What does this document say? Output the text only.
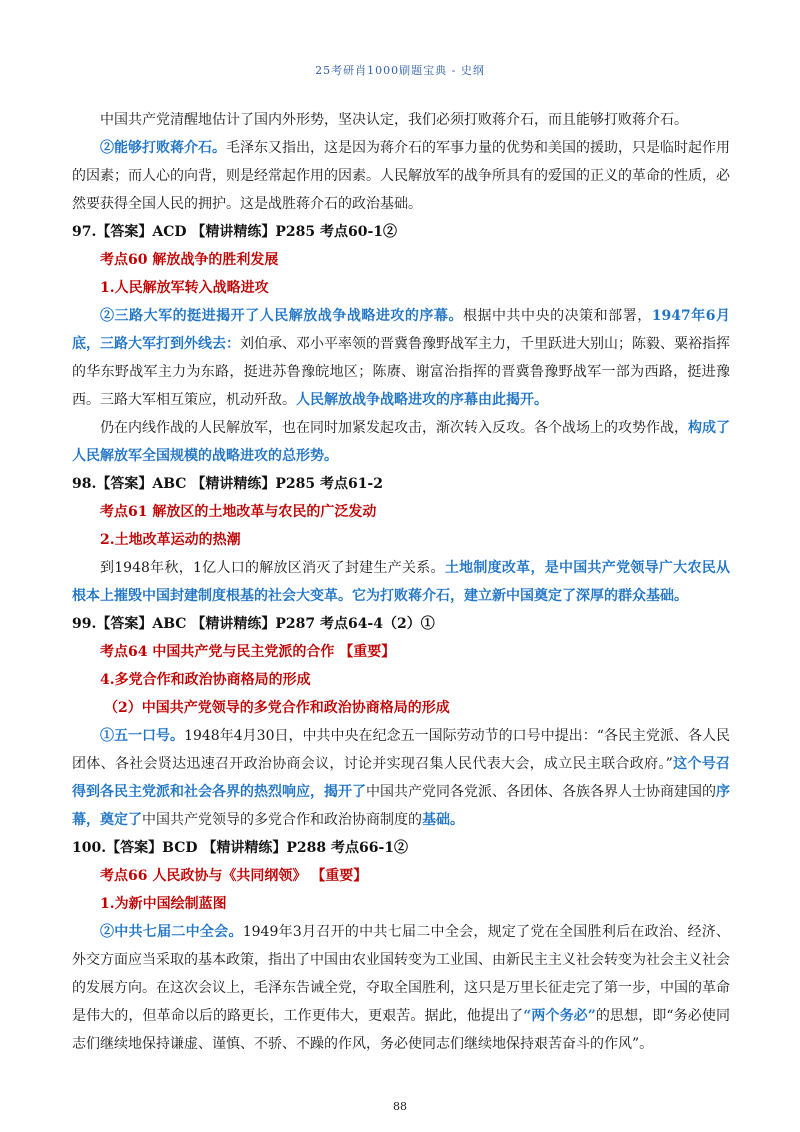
25考研肖1000刷题宝典 - 史纲

中国共产党清醒地估计了国内外形势，坚决认定，我们必须打败蒋介石，而且能够打败蒋介石。

②能够打败蒋介石。毛泽东又指出，这是因为蒋介石的军事力量的优势和美国的援助，只是临时起作用的因素；而人心的向背，则是经常起作用的因素。人民解放军的战争所具有的爱国的正义的革命的性质，必然要获得全国人民的拥护。这是战胜蒋介石的政治基础。

97.【答案】ACD 【精讲精练】P285 考点60-1②

考点60 解放战争的胜利发展

1.人民解放军转入战略进攻

②三路大军的挺进揭开了人民解放战争战略进攻的序幕。根据中共中央的决策和部署，1947年6月底，三路大军打到外线去：刘伯承、邓小平率领的晋冀鲁豫野战军主力，千里跃进大别山；陈毅、粟裕指挥的华东野战军主力为东路，挺进苏鲁豫皖地区；陈赓、谢富治指挥的晋冀鲁豫野战军一部为西路，挺进豫西。三路大军相互策应，机动歼敌。人民解放战争战略进攻的序幕由此揭开。

仍在内线作战的人民解放军，也在同时加紧发起攻击，渐次转入反攻。各个战场上的攻势作战，构成了人民解放军全国规模的战略进攻的总形势。

98.【答案】ABC 【精讲精练】P285 考点61-2

考点61 解放区的土地改革与农民的广泛发动

2.土地改革运动的热潮

到1948年秋，1亿人口的解放区消灭了封建生产关系。土地制度改革，是中国共产党领导广大农民从根本上摧毁中国封建制度根基的社会大变革。它为打败蒋介石，建立新中国奠定了深厚的群众基础。

99.【答案】ABC 【精讲精练】P287 考点64-4（2）①

考点64 中国共产党与民主党派的合作 【重要】

4.多党合作和政治协商格局的形成

（2）中国共产党领导的多党合作和政治协商格局的形成

①五一口号。1948年4月30日，中共中央在纪念五一国际劳动节的口号中提出：“各民主党派、各人民团体、各社会贤达迅速召开政治协商会议，讨论并实现召集人民代表大会，成立民主联合政府。”这个号召得到各民主党派和社会各界的热烈响应，揭开了中国共产党同各党派、各团体、各族各界人士协商建国的序幕，奠定了中国共产党领导的多党合作和政治协商制度的基础。

100.【答案】BCD 【精讲精练】P288 考点66-1②

考点66 人民政协与《共同纲领》 【重要】

1.为新中国绘制蓝图

②中共七届二中全会。1949年3月召开的中共七届二中全会，规定了党在全国胜利后在政治、经济、外交方面应当采取的基本政策，指出了中国由农业国转变为工业国、由新民主主义社会转变为社会主义社会的发展方向。在这次会议上，毛泽东告诫全党，夺取全国胜利，这只是万里长征走完了第一步，中国的革命是伟大的，但革命以后的路更长，工作更伟大，更艰苦。据此，他提出了“两个务必”的思想，即“务必使同志们继续地保持谦虚、谨慎、不骄、不躁的作风，务必使同志们继续地保持艰苦奋斗的作风”。

88
